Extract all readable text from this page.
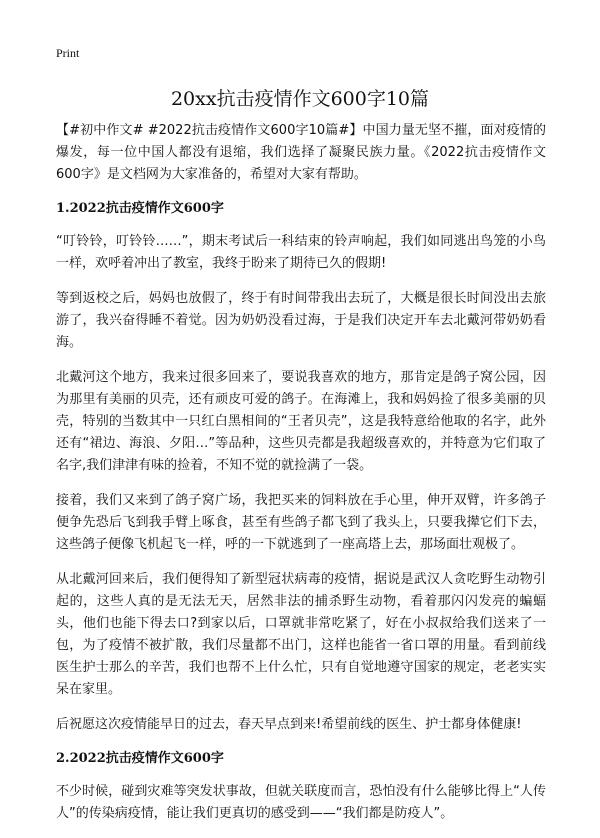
Print
20xx抗击疫情作文600字10篇

【#初中作文# #2022抗击疫情作文600字10篇#】中国力量无坚不摧，面对疫情的爆发，每一位中国人都没有退缩，我们选择了凝聚民族力量。《2022抗击疫情作文600字》是文档网为大家准备的，希望对大家有帮助。

1.2022抗击疫情作文600字

“叮铃铃，叮铃铃……”，期末考试后一科结束的铃声响起，我们如同逃出鸟笼的小鸟一样，欢呼着冲出了教室，我终于盼来了期待已久的假期!

等到返校之后，妈妈也放假了，终于有时间带我出去玩了，大概是很长时间没出去旅游了，我兴奋得睡不着觉。因为奶奶没看过海，于是我们决定开车去北戴河带奶奶看海。

北戴河这个地方，我来过很多回来了，要说我喜欢的地方，那肯定是鸽子窝公园，因为那里有美丽的贝壳，还有顽皮可爱的鸽子。在海滩上，我和妈妈捡了很多美丽的贝壳，特别的当数其中一只红白黑相间的“王者贝壳”，这是我特意给他取的名字，此外还有“裙边、海浪、夕阳…”等品种，这些贝壳都是我超级喜欢的，并特意为它们取了名字,我们津津有味的捡着，不知不觉的就捡满了一袋。

接着，我们又来到了鸽子窝广场，我把买来的饲料放在手心里，伸开双臂，许多鸽子便争先恐后飞到我手臂上啄食，甚至有些鸽子都飞到了我头上，只要我撵它们下去，这些鸽子便像飞机起飞一样，呼的一下就逃到了一座高塔上去，那场面壮观极了。

从北戴河回来后，我们便得知了新型冠状病毒的疫情，据说是武汉人贪吃野生动物引起的，这些人真的是无法无天，居然非法的捕杀野生动物，看着那闪闪发亮的蝙蝠头，他们也能下得去口?到家以后，口罩就非常吃紧了，好在小叔叔给我们送来了一包，为了疫情不被扩散，我们尽量都不出门，这样也能省一省口罩的用量。看到前线医生护士那么的辛苦，我们也帮不上什么忙，只有自觉地遵守国家的规定，老老实实呆在家里。

后祝愿这次疫情能早日的过去，春天早点到来!希望前线的医生、护士都身体健康!

2.2022抗击疫情作文600字

不少时候，碰到灾难等突发状事故，但就关联度而言，恐怕没有什么能够比得上“人传人”的传染病疫情，能让我们更真切的感受到——“我们都是防疫人”。
